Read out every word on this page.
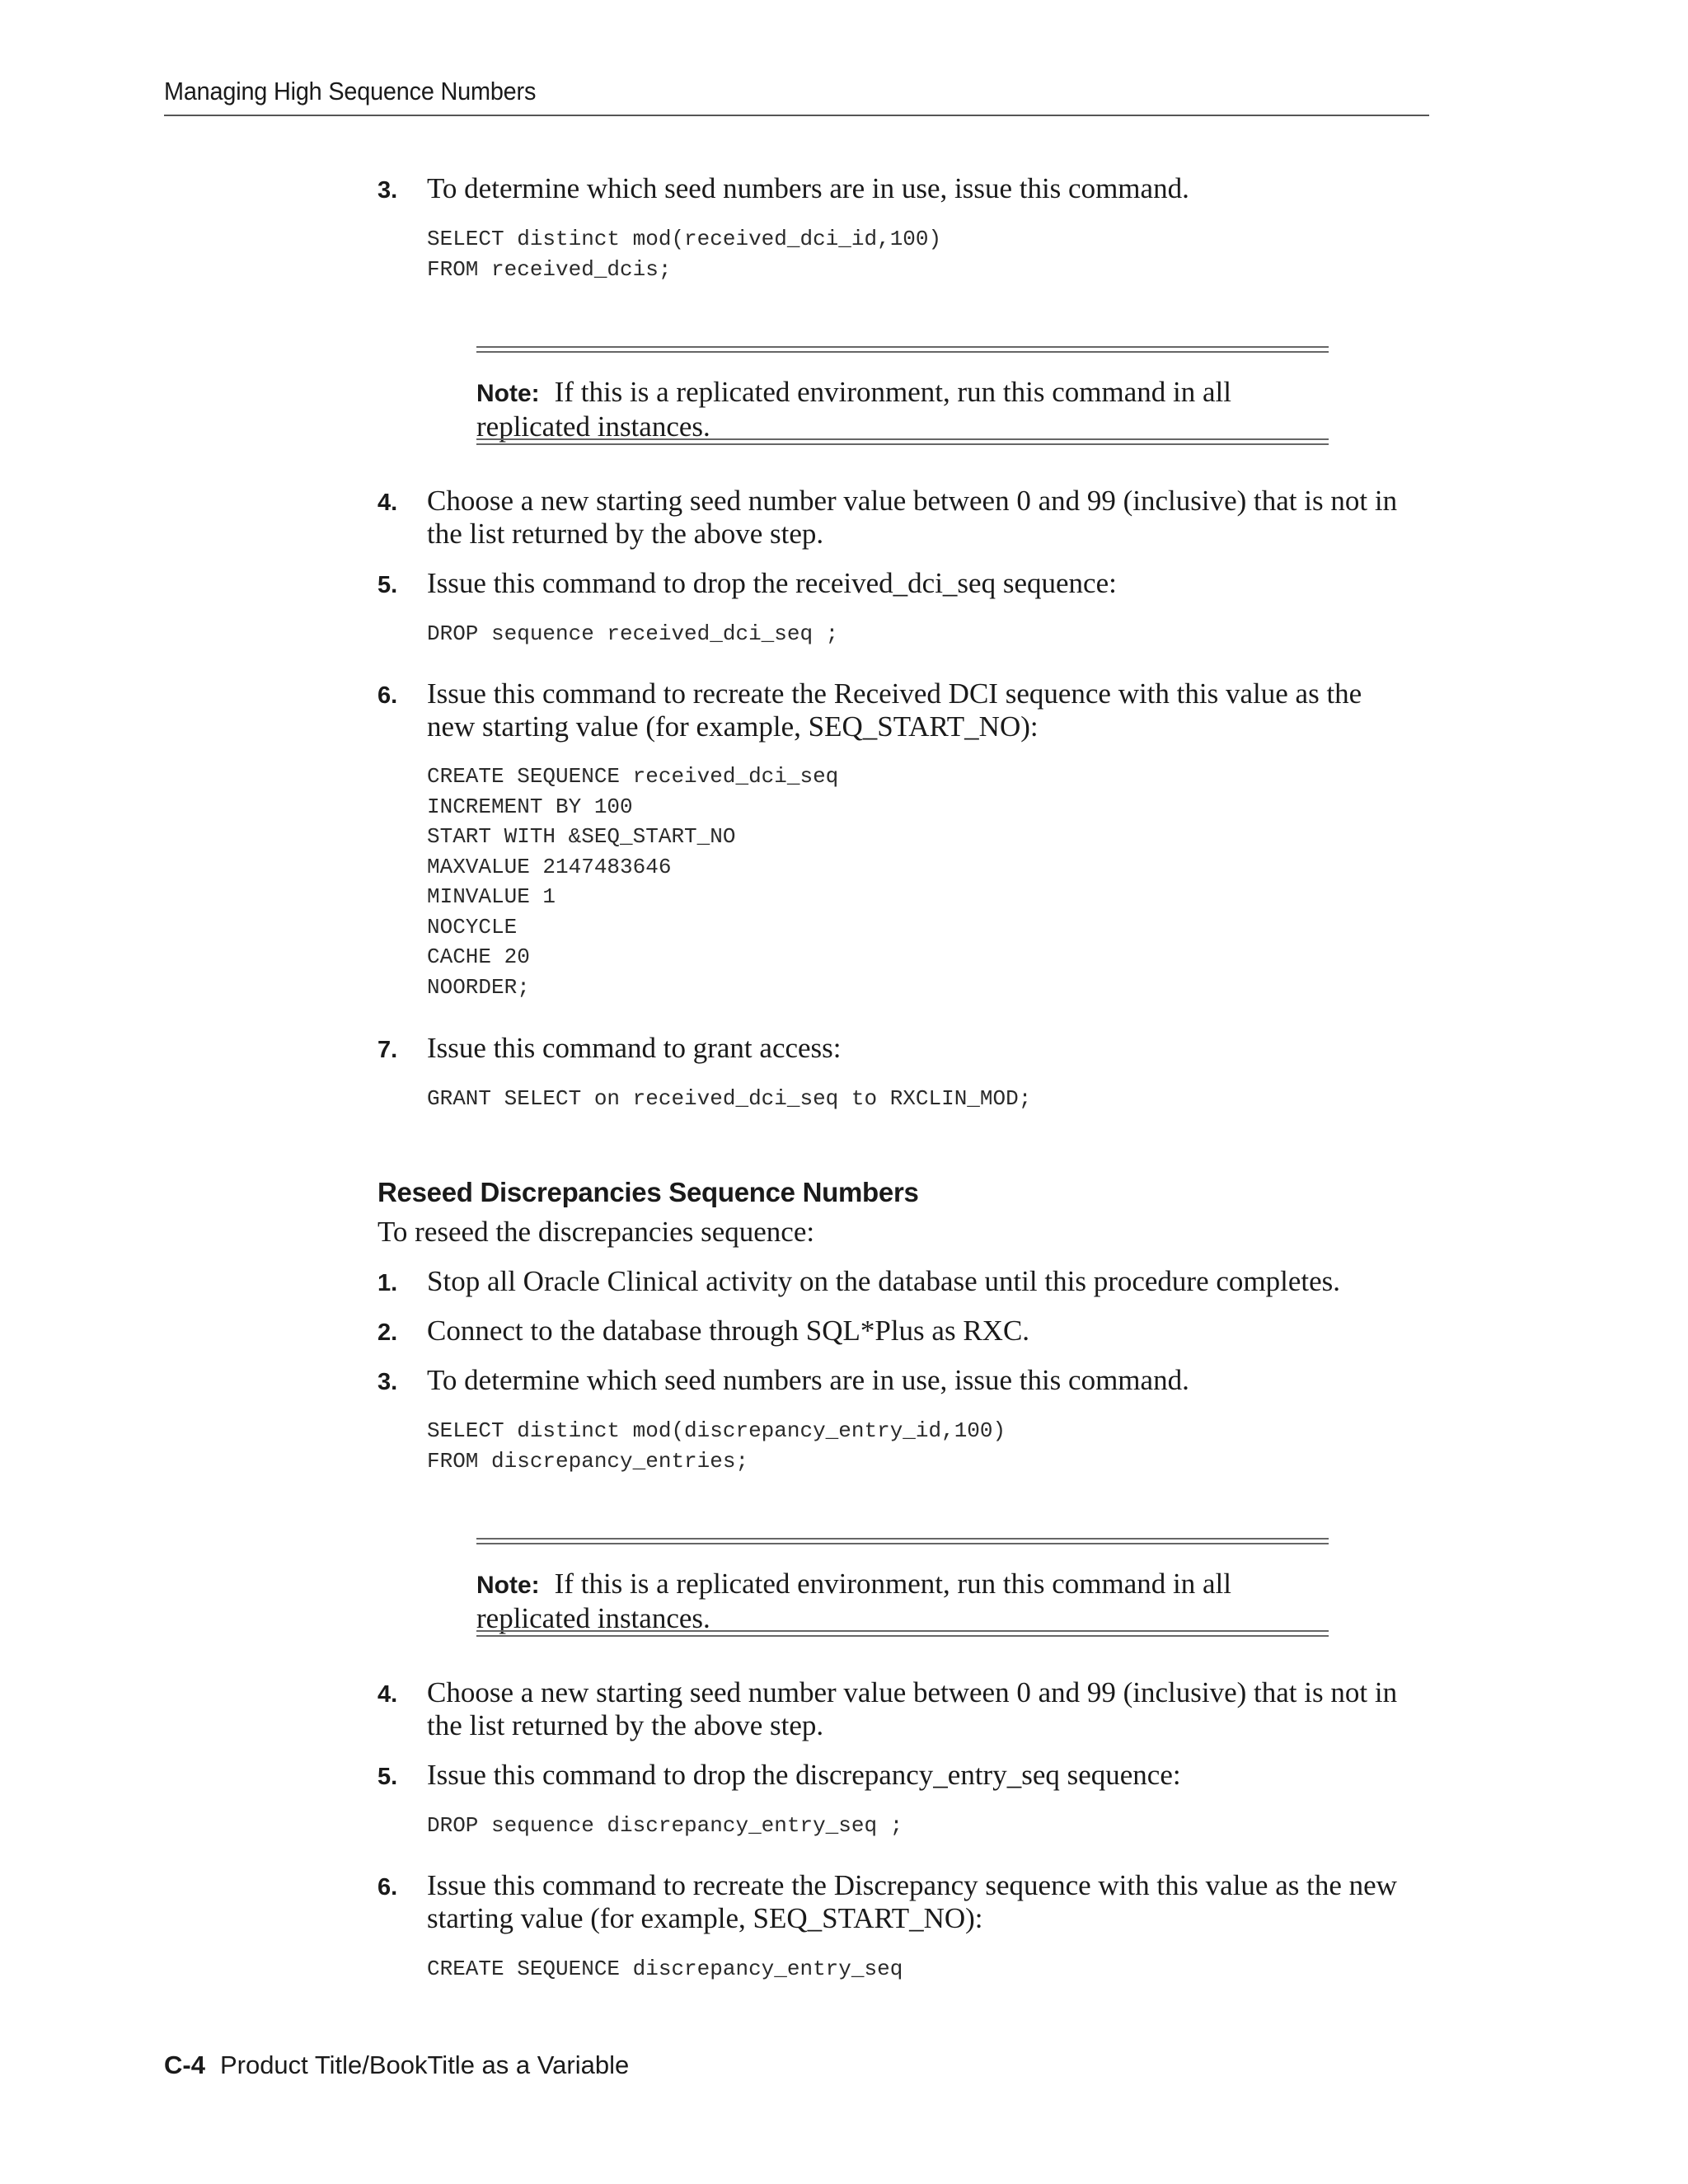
Managing High Sequence Numbers
3. To determine which seed numbers are in use, issue this command.
SELECT distinct mod(received_dci_id,100)
FROM received_dcis;
Note: If this is a replicated environment, run this command in all replicated instances.
4. Choose a new starting seed number value between 0 and 99 (inclusive) that is not in the list returned by the above step.
5. Issue this command to drop the received_dci_seq sequence:
DROP sequence received_dci_seq ;
6. Issue this command to recreate the Received DCI sequence with this value as the new starting value (for example, SEQ_START_NO):
CREATE SEQUENCE received_dci_seq
INCREMENT BY 100
START WITH &SEQ_START_NO
MAXVALUE 2147483646
MINVALUE 1
NOCYCLE
CACHE 20
NOORDER;
7. Issue this command to grant access:
GRANT SELECT on received_dci_seq to RXCLIN_MOD;
Reseed Discrepancies Sequence Numbers
To reseed the discrepancies sequence:
1. Stop all Oracle Clinical activity on the database until this procedure completes.
2. Connect to the database through SQL*Plus as RXC.
3. To determine which seed numbers are in use, issue this command.
SELECT distinct mod(discrepancy_entry_id,100)
FROM discrepancy_entries;
Note: If this is a replicated environment, run this command in all replicated instances.
4. Choose a new starting seed number value between 0 and 99 (inclusive) that is not in the list returned by the above step.
5. Issue this command to drop the discrepancy_entry_seq sequence:
DROP sequence discrepancy_entry_seq ;
6. Issue this command to recreate the Discrepancy sequence with this value as the new starting value (for example, SEQ_START_NO):
CREATE SEQUENCE discrepancy_entry_seq
C-4 Product Title/BookTitle as a Variable
